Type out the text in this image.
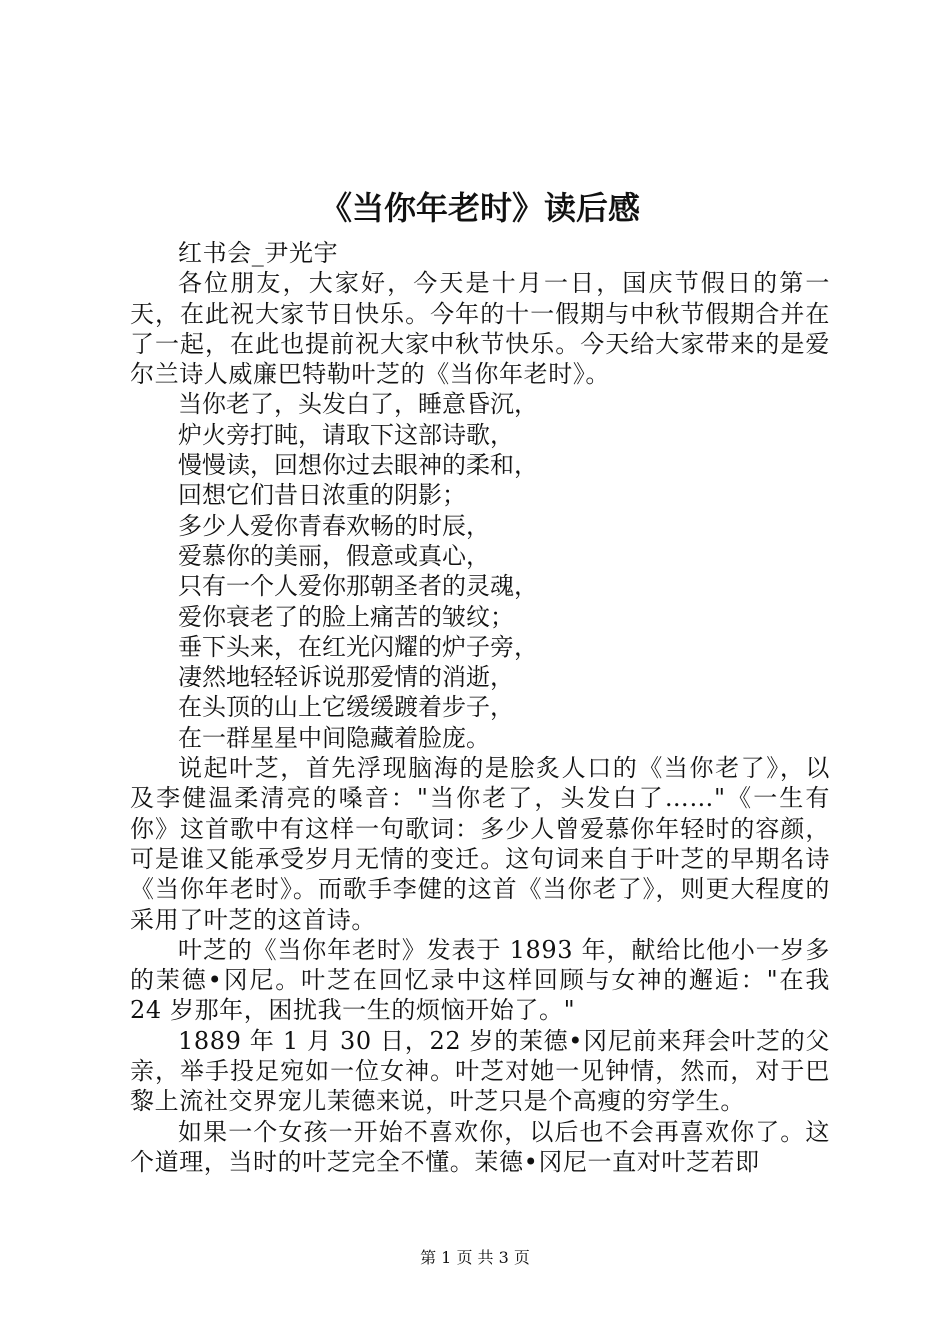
《当你年老时》读后感

红书会_尹光宇

各位朋友，大家好，今天是十月一日，国庆节假日的第一天，在此祝大家节日快乐。今年的十一假期与中秋节假期合并在了一起，在此也提前祝大家中秋节快乐。今天给大家带来的是爱尔兰诗人威廉巴特勒叶芝的《当你年老时》。

当你老了，头发白了，睡意昏沉，

炉火旁打盹，请取下这部诗歌，

慢慢读，回想你过去眼神的柔和，

回想它们昔日浓重的阴影；

多少人爱你青春欢畅的时辰，

爱慕你的美丽，假意或真心，

只有一个人爱你那朝圣者的灵魂，

爱你衰老了的脸上痛苦的皱纹；

垂下头来，在红光闪耀的炉子旁，

凄然地轻轻诉说那爱情的消逝，

在头顶的山上它缓缓踱着步子，

在一群星星中间隐藏着脸庞。

说起叶芝，首先浮现脑海的是脍炙人口的《当你老了》，以及李健温柔清亮的嗓音："当你老了，头发白了……"《一生有你》这首歌中有这样一句歌词：多少人曾爱慕你年轻时的容颜，可是谁又能承受岁月无情的变迁。这句词来自于叶芝的早期名诗《当你年老时》。而歌手李健的这首《当你老了》，则更大程度的采用了叶芝的这首诗。

叶芝的《当你年老时》发表于 1893 年，献给比他小一岁多的茉德•冈尼。叶芝在回忆录中这样回顾与女神的邂逅："在我 24 岁那年，困扰我一生的烦恼开始了。"

1889 年 1 月 30 日，22 岁的茉德•冈尼前来拜会叶芝的父亲，举手投足宛如一位女神。叶芝对她一见钟情，然而，对于巴黎上流社交界宠儿茉德来说，叶芝只是个高瘦的穷学生。

如果一个女孩一开始不喜欢你，以后也不会再喜欢你了。这个道理，当时的叶芝完全不懂。茉德•冈尼一直对叶芝若即

第 1 页 共 3 页
